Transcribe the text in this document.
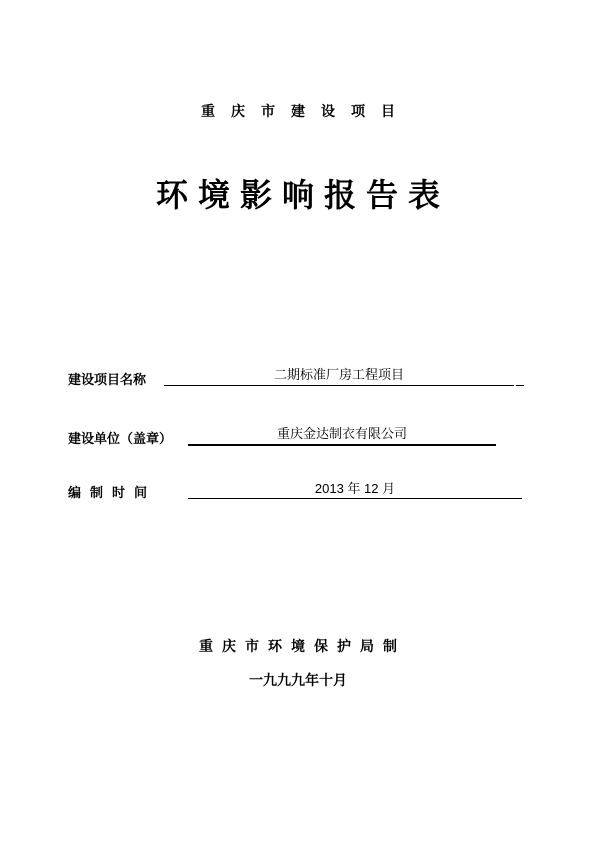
重庆市建设项目
环境影响报告表
建设项目名称	二期标准厂房工程项目
建设单位（盖章）	重庆金达制衣有限公司
编制时间	2013 年 12 月
重庆市环境保护局制
一九九九年十月
